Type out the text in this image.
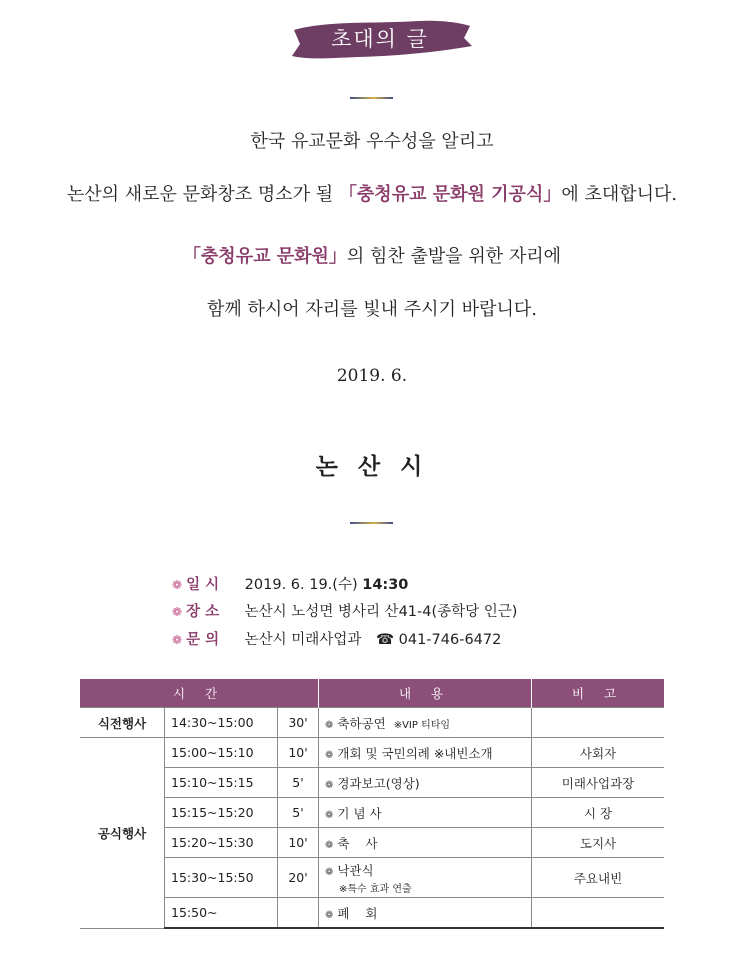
초대의 글
한국 유교문화 우수성을 알리고
논산의 새로운 문화창조 명소가 될 「충청유교 문화원 기공식」에 초대합니다.
「충청유교 문화원」의 힘찬 출발을 위한 자리에
함께 하시어 자리를 빛내 주시기 바랍니다.
2019. 6.
논 산 시
❁ 일 시 2019. 6. 19.(수) 14:30
❁ 장 소 논산시 노성면 병사리 산41-4(종학당 인근)
❁ 문 의 논산시 미래사업과 ☎ 041-746-6472
시 간			내 용	비 고
식전행사	14:30~15:00	30'	❁ 축하공연 ※VIP 티타임	
공식행사	15:00~15:10	10'	❁ 개회 및 국민의례 ※내빈소개	사회자
	15:10~15:15	5'	❁ 경과보고(영상)	미래사업과장
	15:15~15:20	5'	❁ 기 념 사	시 장
	15:20~15:30	10'	❁ 축    사	도지사
	15:30~15:50	20'	❁ 낙관식
※특수 효과 연출	주요내빈
	15:50~		❁ 폐    회	
